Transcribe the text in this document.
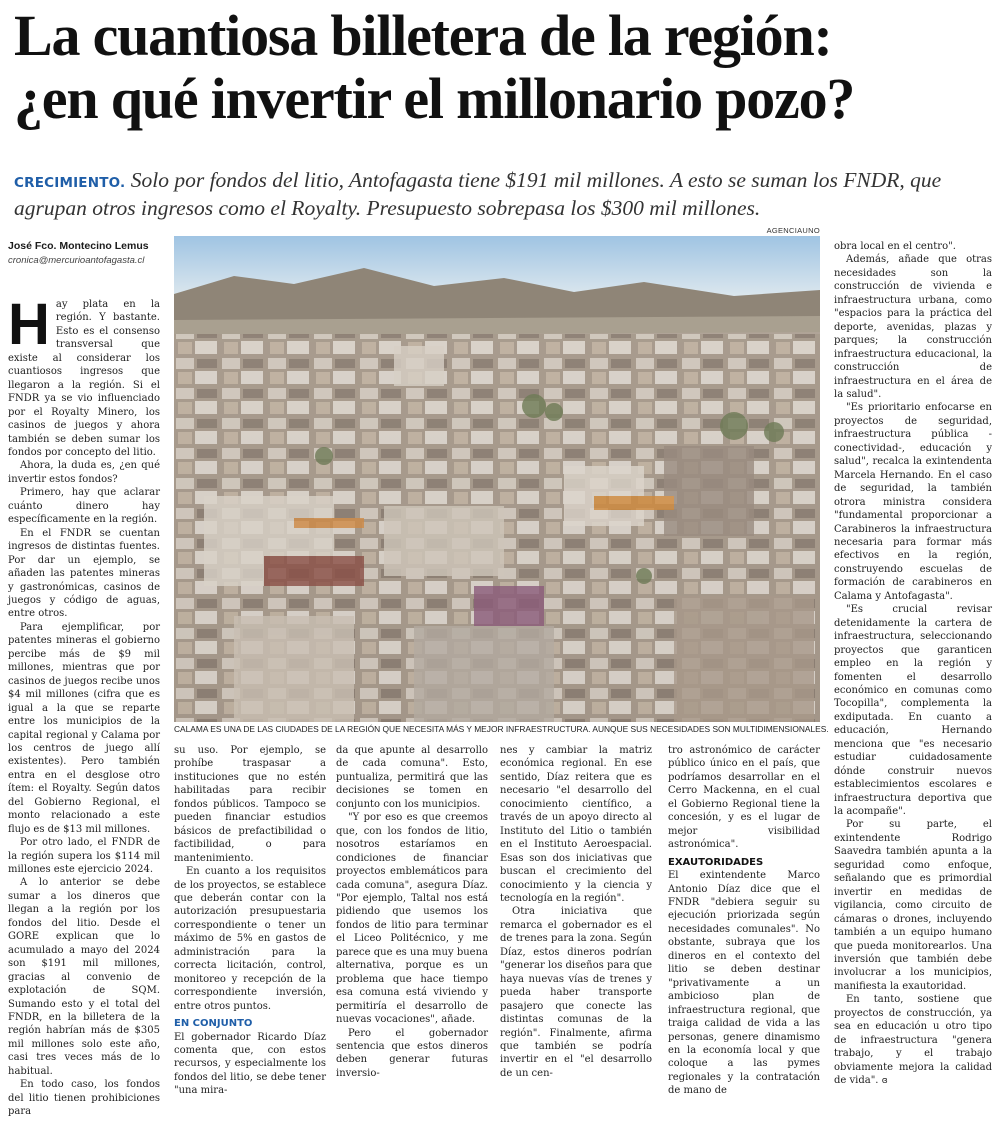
La cuantiosa billetera de la región:
¿en qué invertir el millonario pozo?
CRECIMIENTO. Solo por fondos del litio, Antofagasta tiene $191 mil millones. A esto se suman los FNDR, que agrupan otros ingresos como el Royalty. Presupuesto sobrepasa los $300 mil millones.
José Fco. Montecino Lemus
cronica@mercurioantofagasta.cl
AGENCIAUNO
CALAMA ES UNA DE LAS CIUDADES DE LA REGIÓN QUE NECESITA MÁS Y MEJOR INFRAESTRUCTURA. AUNQUE SUS NECESIDADES SON MULTIDIMENSIONALES.
H ay plata en la región. Y bastante. Esto es el consenso transversal que existe al considerar los cuantiosos ingresos que llegaron a la región. Si el FNDR ya se vio influenciado por el Royalty Minero, los casinos de juegos y ahora también se deben sumar los fondos por concepto del litio.

Ahora, la duda es, ¿en qué invertir estos fondos?

Primero, hay que aclarar cuánto dinero hay específicamente en la región.

En el FNDR se cuentan ingresos de distintas fuentes. Por dar un ejemplo, se añaden las patentes mineras y gastronómicas, casinos de juegos y código de aguas, entre otros.

Para ejemplificar, por patentes mineras el gobierno percibe más de $9 mil millones, mientras que por casinos de juegos recibe unos $4 mil millones (cifra que es igual a la que se reparte entre los municipios de la capital regional y Calama por los centros de juego allí existentes). Pero también entra en el desglose otro ítem: el Royalty. Según datos del Gobierno Regional, el monto relacionado a este flujo es de $13 mil millones.

Por otro lado, el FNDR de la región supera los $114 mil millones este ejercicio 2024.

A lo anterior se debe sumar a los dineros que llegan a la región por los fondos del litio. Desde el GORE explican que lo acumulado a mayo del 2024 son $191 mil millones, gracias al convenio de explotación de SQM. Sumando esto y el total del FNDR, en la billetera de la región habrían más de $305 mil millones solo este año, casi tres veces más de lo habitual.

En todo caso, los fondos del litio tienen prohibiciones para

su uso. Por ejemplo, se prohíbe traspasar a instituciones que no estén habilitadas para recibir fondos públicos. Tampoco se pueden financiar estudios básicos de prefactibilidad o factibilidad, o para mantenimiento.

En cuanto a los requisitos de los proyectos, se establece que deberán contar con la autorización presupuestaria correspondiente o tener un máximo de 5% en gastos de administración para la correcta licitación, control, monitoreo y recepción de la correspondiente inversión, entre otros puntos.

EN CONJUNTO

El gobernador Ricardo Díaz comenta que, con estos recursos, y especialmente los fondos del litio, se debe tener "una mira-

da que apunte al desarrollo de cada comuna". Esto, puntualiza, permitirá que las decisiones se tomen en conjunto con los municipios.

"Y por eso es que creemos que, con los fondos de litio, nosotros estaríamos en condiciones de financiar proyectos emblemáticos para cada comuna", asegura Díaz. "Por ejemplo, Taltal nos está pidiendo que usemos los fondos de litio para terminar el Liceo Politécnico, y me parece que es una muy buena alternativa, porque es un problema que hace tiempo esa comuna está viviendo y permitiría el desarrollo de nuevas vocaciones", añade.

Pero el gobernador sentencia que estos dineros deben generar futuras inversio-

nes y cambiar la matriz económica regional. En ese sentido, Díaz reitera que es necesario "el desarrollo del conocimiento científico, a través de un apoyo directo al Instituto del Litio o también en el Instituto Aeroespacial. Esas son dos iniciativas que buscan el crecimiento del conocimiento y la ciencia y tecnología en la región".

Otra iniciativa que remarca el gobernador es el de trenes para la zona. Según Díaz, estos dineros podrían "generar los diseños para que haya nuevas vías de trenes y pueda haber transporte pasajero que conecte las distintas comunas de la región". Finalmente, afirma que también se podría invertir en el "el desarrollo de un cen-

tro astronómico de carácter público único en el país, que podríamos desarrollar en el Cerro Mackenna, en el cual el Gobierno Regional tiene la concesión, y es el lugar de mejor visibilidad astronómica".

EXAUTORIDADES

El exintendente Marco Antonio Díaz dice que el FNDR "debiera seguir su ejecución priorizada según necesidades comunales". No obstante, subraya que los dineros en el contexto del litio se deben destinar "privativamente a un ambicioso plan de infraestructura regional, que traiga calidad de vida a las personas, genere dinamismo en la economía local y que coloque a las pymes regionales y la contratación de mano de

obra local en el centro".

Además, añade que otras necesidades son la construcción de vivienda e infraestructura urbana, como "espacios para la práctica del deporte, avenidas, plazas y parques; la construcción infraestructura educacional, la construcción de infraestructura en el área de la salud".

"Es prioritario enfocarse en proyectos de seguridad, infraestructura pública - conectividad-, educación y salud", recalca la exintendenta Marcela Hernando. En el caso de seguridad, la también otrora ministra considera "fundamental proporcionar a Carabineros la infraestructura necesaria para formar más efectivos en la región, construyendo escuelas de formación de carabineros en Calama y Antofagasta".

"Es crucial revisar detenidamente la cartera de infraestructura, seleccionando proyectos que garanticen empleo en la región y fomenten el desarrollo económico en comunas como Tocopilla", complementa la exdiputada. En cuanto a educación, Hernando menciona que "es necesario estudiar cuidadosamente dónde construir nuevos establecimientos escolares e infraestructura deportiva que la acompañe".

Por su parte, el exintendente Rodrigo Saavedra también apunta a la seguridad como enfoque, señalando que es primordial invertir en medidas de vigilancia, como circuito de cámaras o drones, incluyendo también a un equipo humano que pueda monitorearlos. Una inversión que también debe involucrar a los municipios, manifiesta la exautoridad.

En tanto, sostiene que proyectos de construcción, ya sea en educación u otro tipo de infraestructura "genera trabajo, y el trabajo obviamente mejora la calidad de vida". ɞ
